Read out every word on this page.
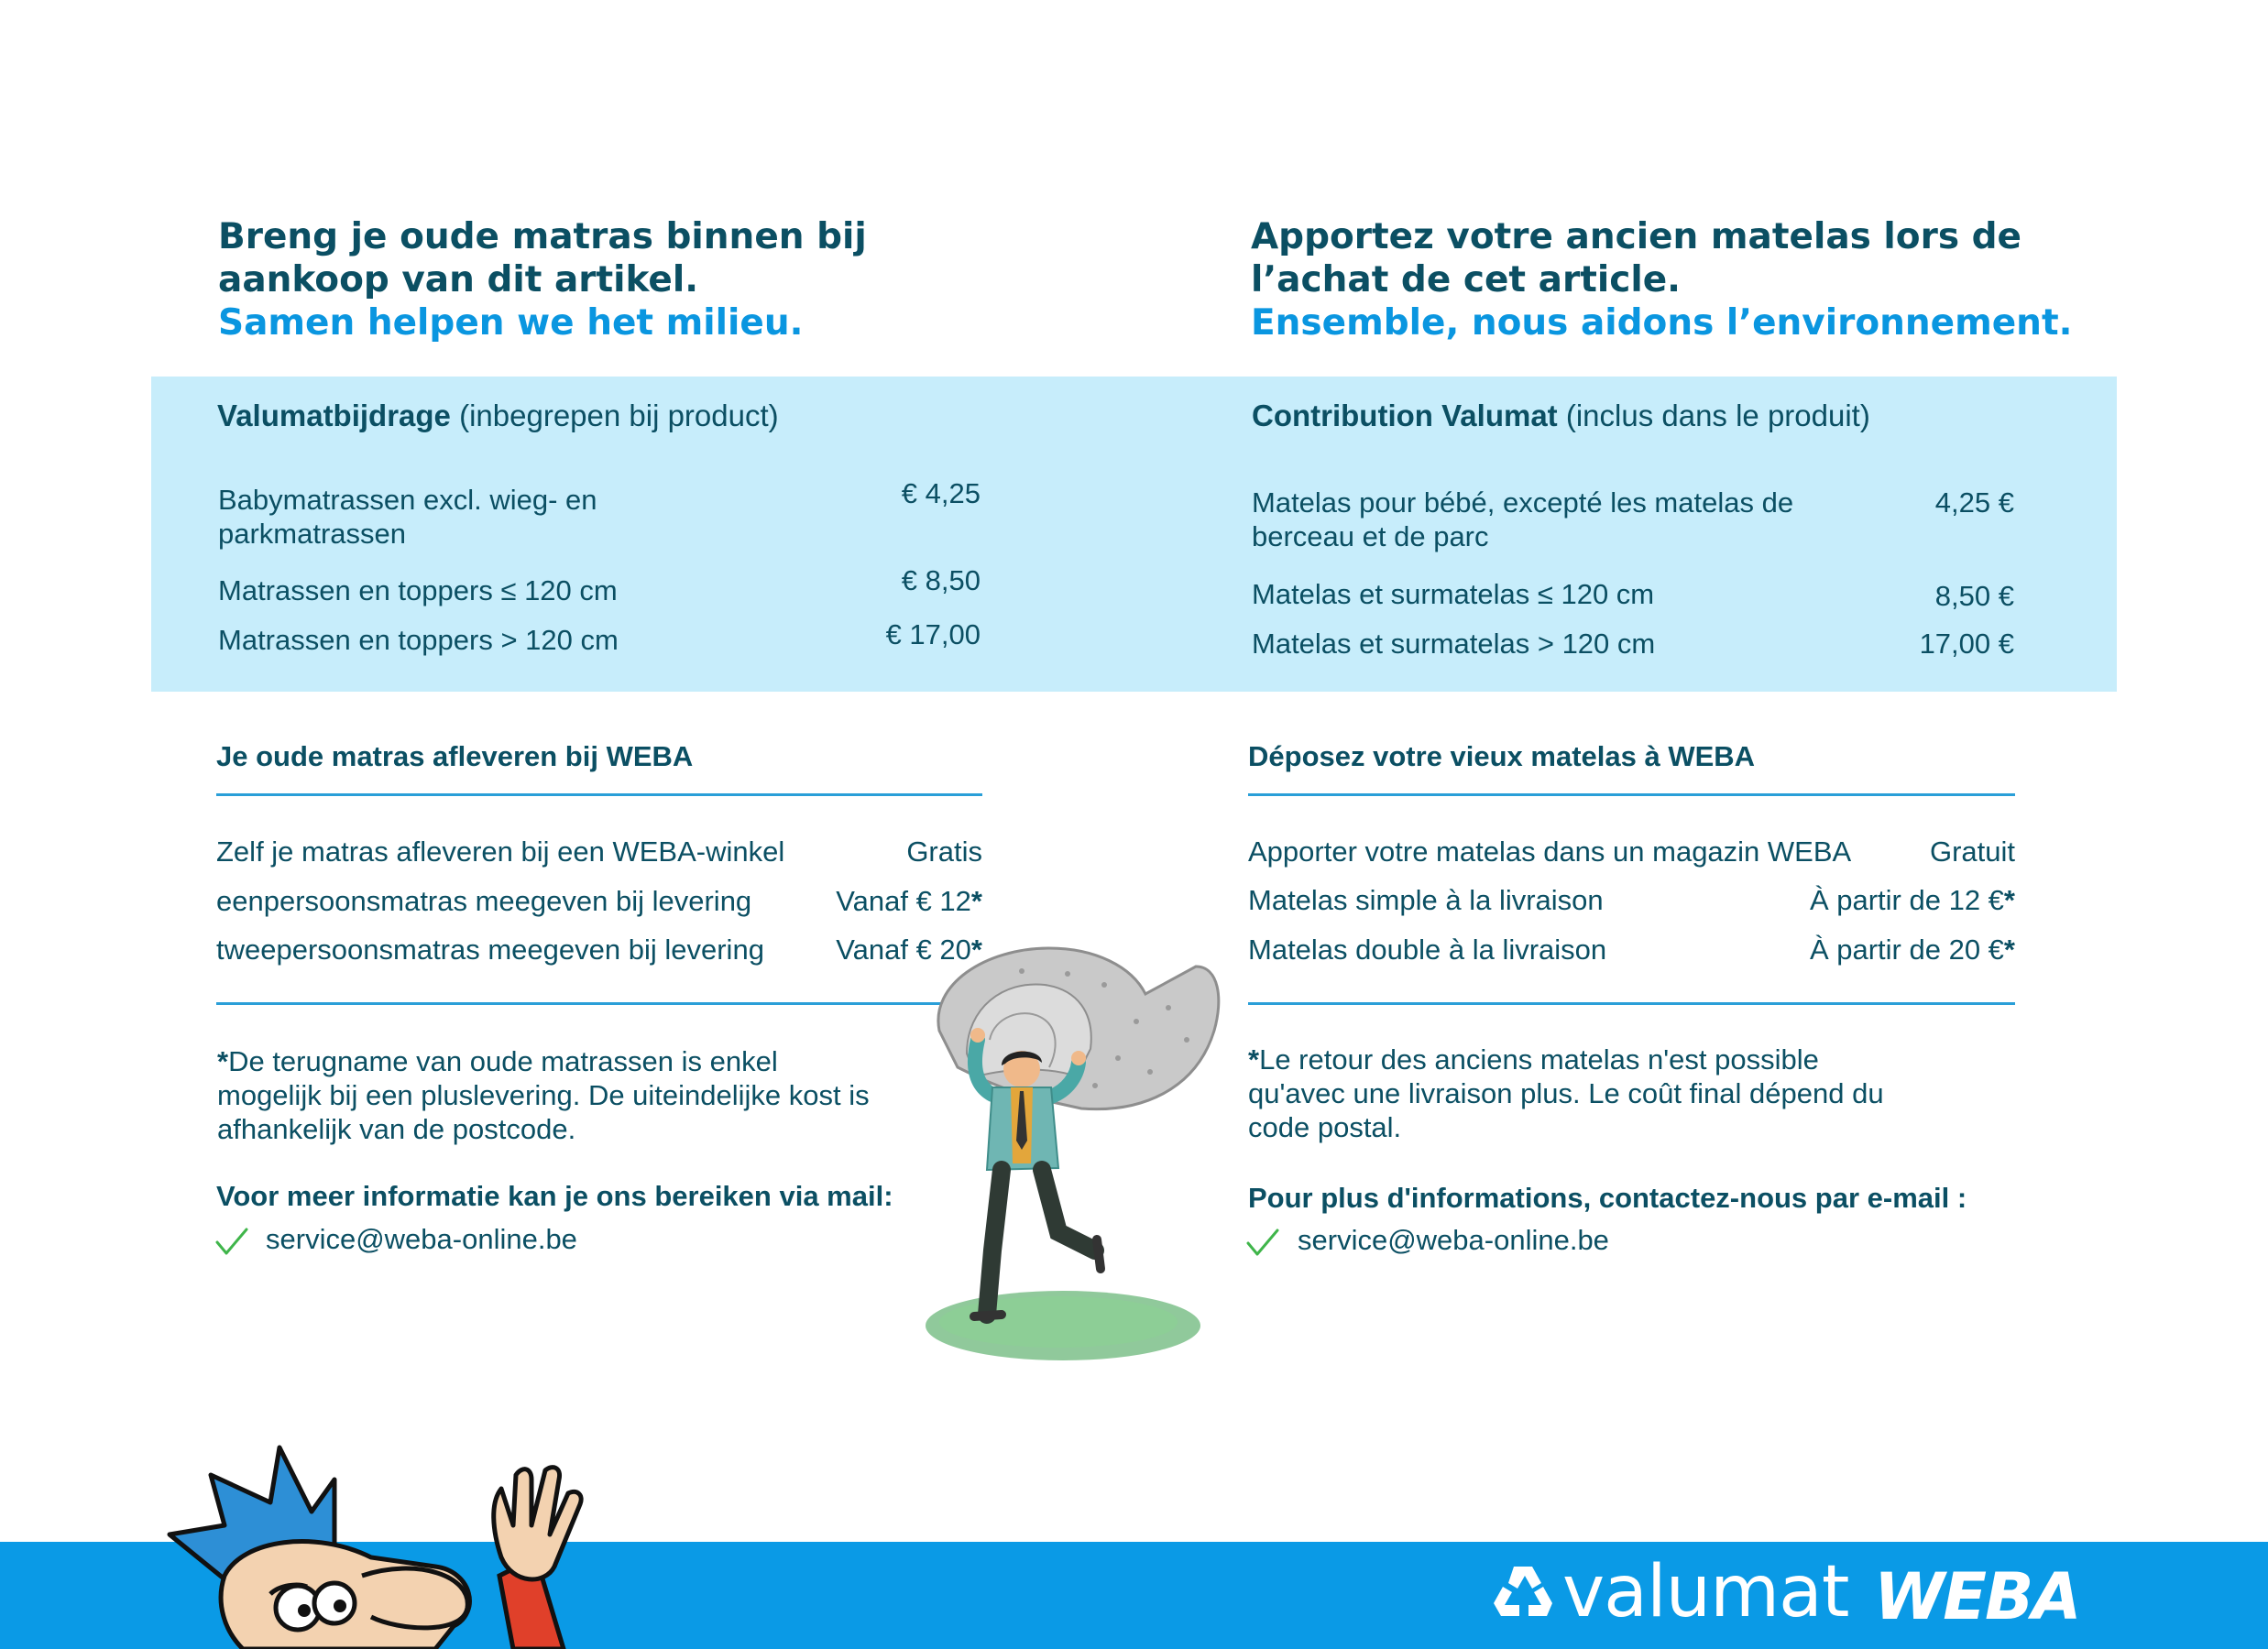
Breng je oude matras binnen bij
aankoop van dit artikel.
Samen helpen we het milieu.
Apportez votre ancien matelas lors de
l’achat de cet article.
Ensemble, nous aidons l’environnement.
Valumatbijdrage (inbegrepen bij product)	Contribution Valumat (inclus dans le produit)
Babymatrassen excl. wieg- en
parkmatrassen
€ 4,25
Matrassen en toppers ≤ 120 cm	€ 8,50
Matrassen en toppers > 120 cm	€ 17,00
Matelas pour bébé, excepté les matelas de
berceau et de parc
4,25 €
Matelas et surmatelas ≤ 120 cm	8,50 €
Matelas et surmatelas > 120 cm	17,00 €
Je oude matras afleveren bij WEBA
Zelf je matras afleveren bij een WEBA-winkel	Gratis
eenpersoonsmatras meegeven bij levering	Vanaf € 12*
tweepersoonsmatras meegeven bij levering	Vanaf € 20*
Déposez votre vieux matelas à WEBA
Apporter votre matelas dans un magazin WEBA	Gratuit
Matelas simple à la livraison	À partir de 12 €*
Matelas double à la livraison	À partir de 20 €*
*De terugname van oude matrassen is enkel
mogelijk bij een pluslevering. De uiteindelijke kost is
afhankelijk van de postcode.
*Le retour des anciens matelas n'est possible
qu'avec une livraison plus. Le coût final dépend du
code postal.
Voor meer informatie kan je ons bereiken via mail:
service@weba-online.be
Pour plus d'informations, contactez-nous par e-mail :
service@weba-online.be
valumat WEBA
